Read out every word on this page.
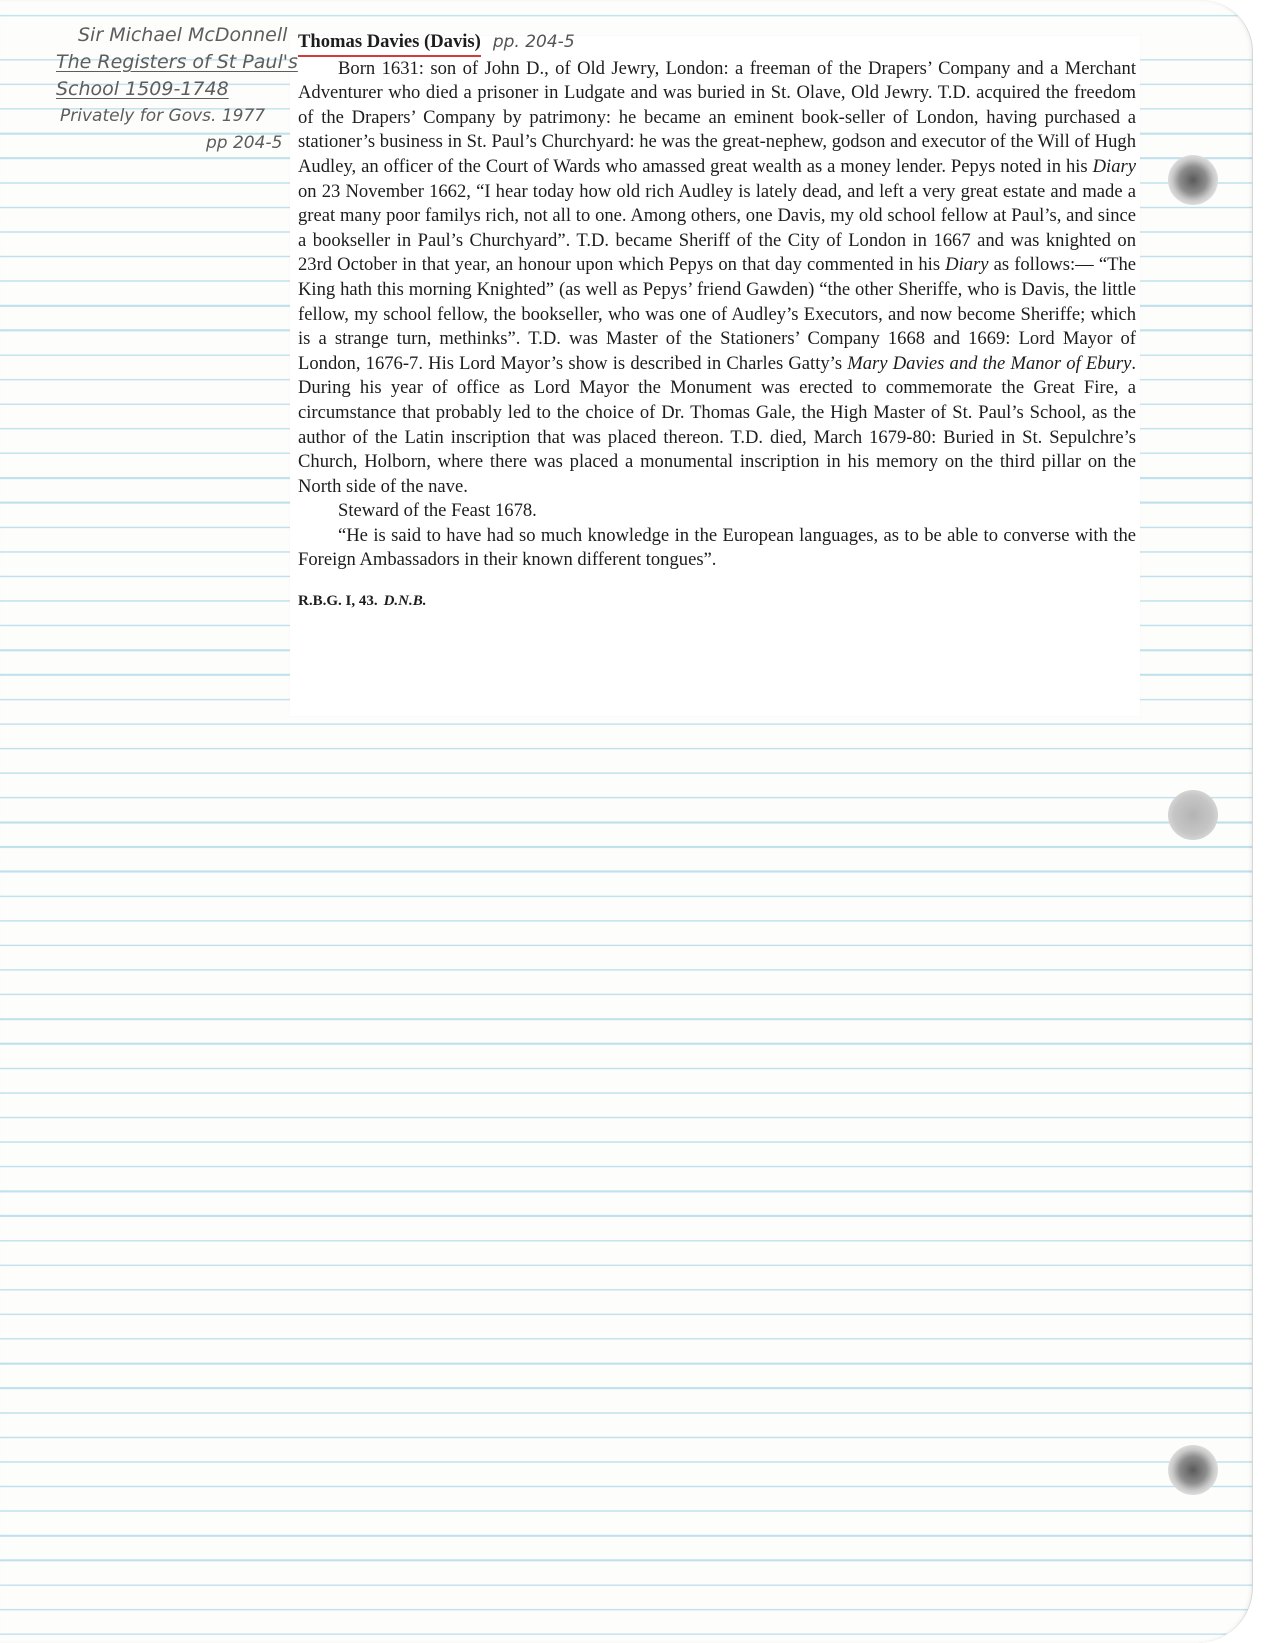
Sir Michael McDonnell
The Registers of St Paul's
School 1509-1748
Privately for Govs. 1977
pp 204-5
Thomas Davies (Davis) pp. 204-5

Born 1631: son of John D., of Old Jewry, London: a freeman of the Drapers’ Company and a Merchant Adventurer who died a prisoner in Ludgate and was buried in St. Olave, Old Jewry. T.D. acquired the freedom of the Drapers’ Company by patrimony: he became an eminent book-seller of London, having purchased a stationer’s business in St. Paul’s Churchyard: he was the great-nephew, godson and executor of the Will of Hugh Audley, an officer of the Court of Wards who amassed great wealth as a money lender. Pepys noted in his Diary on 23 November 1662, “I hear today how old rich Audley is lately dead, and left a very great estate and made a great many poor familys rich, not all to one. Among others, one Davis, my old school fellow at Paul’s, and since a bookseller in Paul’s Churchyard”. T.D. became Sheriff of the City of London in 1667 and was knighted on 23rd October in that year, an honour upon which Pepys on that day commented in his Diary as follows:— “The King hath this morning Knighted” (as well as Pepys’ friend Gawden) “the other Sheriffe, who is Davis, the little fellow, my school fellow, the bookseller, who was one of Audley’s Executors, and now become Sheriffe; which is a strange turn, methinks”. T.D. was Master of the Stationers’ Company 1668 and 1669: Lord Mayor of London, 1676-7. His Lord Mayor’s show is described in Charles Gatty’s Mary Davies and the Manor of Ebury. During his year of office as Lord Mayor the Monument was erected to commemorate the Great Fire, a circumstance that probably led to the choice of Dr. Thomas Gale, the High Master of St. Paul’s School, as the author of the Latin inscription that was placed thereon. T.D. died, March 1679-80: Buried in St. Sepulchre’s Church, Holborn, where there was placed a monumental inscription in his memory on the third pillar on the North side of the nave.

Steward of the Feast 1678.

“He is said to have had so much knowledge in the European languages, as to be able to converse with the Foreign Ambassadors in their known different tongues”.

R.B.G. I, 43. D.N.B.
